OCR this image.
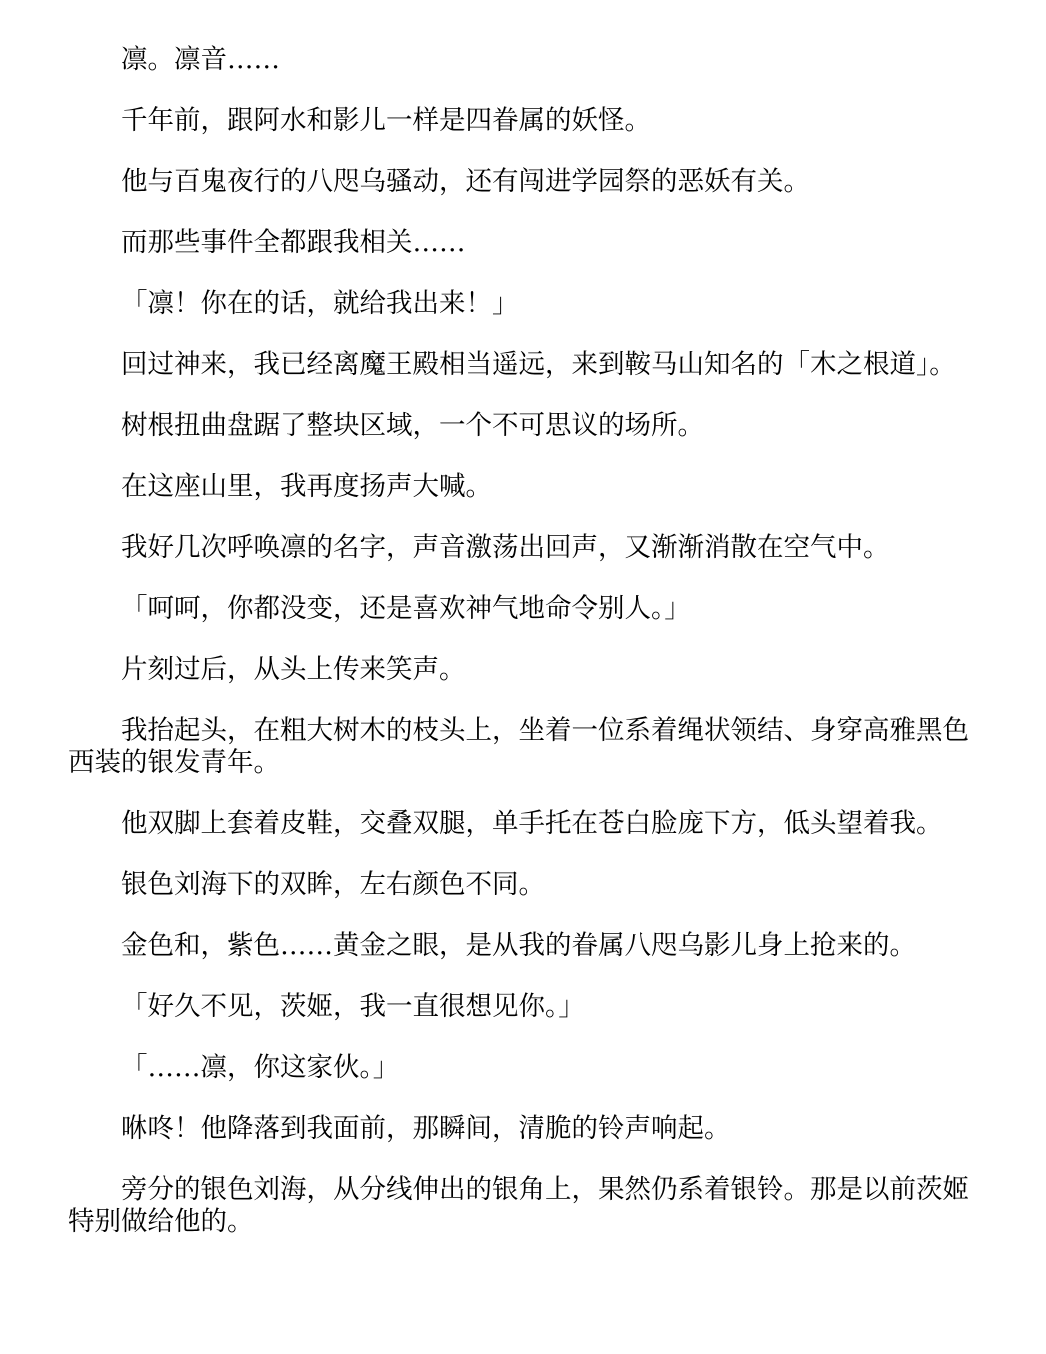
凛。凛音……

千年前，跟阿水和影儿一样是四眷属的妖怪。

他与百鬼夜行的八咫乌骚动，还有闯进学园祭的恶妖有关。

而那些事件全都跟我相关……

「凛！你在的话，就给我出来！」

回过神来，我已经离魔王殿相当遥远，来到鞍马山知名的「木之根道」。

树根扭曲盘踞了整块区域，一个不可思议的场所。

在这座山里，我再度扬声大喊。

我好几次呼唤凛的名字，声音激荡出回声，又渐渐消散在空气中。

「呵呵，你都没变，还是喜欢神气地命令别人。」

片刻过后，从头上传来笑声。

我抬起头，在粗大树木的枝头上，坐着一位系着绳状领结、身穿高雅黑色西装的银发青年。

他双脚上套着皮鞋，交叠双腿，单手托在苍白脸庞下方，低头望着我。

银色刘海下的双眸，左右颜色不同。

金色和，紫色……黄金之眼，是从我的眷属八咫乌影儿身上抢来的。

「好久不见，茨姬，我一直很想见你。」

「……凛，你这家伙。」

咻咚！他降落到我面前，那瞬间，清脆的铃声响起。

旁分的银色刘海，从分线伸出的银角上，果然仍系着银铃。那是以前茨姬特别做给他的。
